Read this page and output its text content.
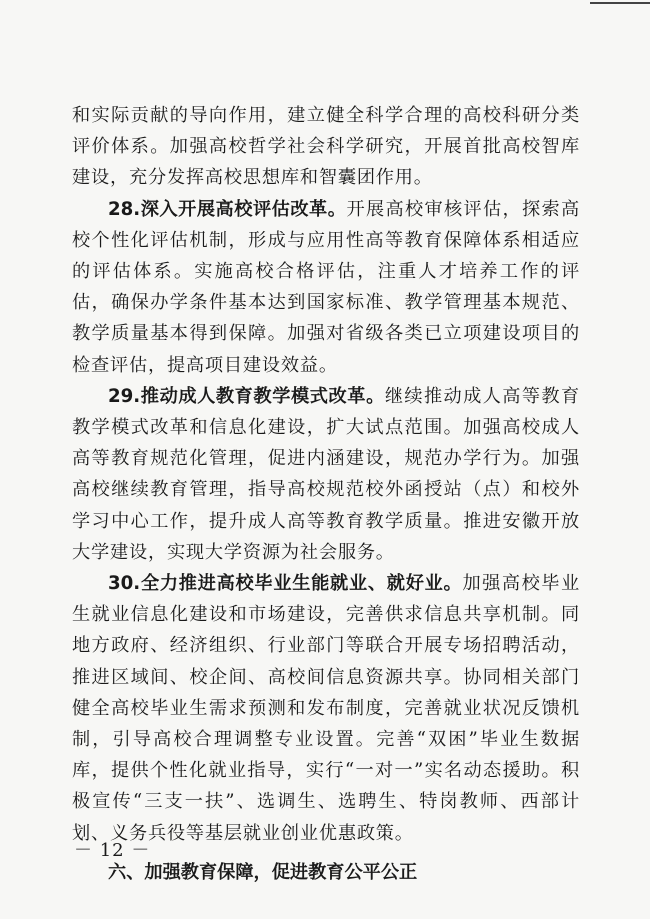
和实际贡献的导向作用，建立健全科学合理的高校科研分类评价体系。加强高校哲学社会科学研究，开展首批高校智库建设，充分发挥高校思想库和智囊团作用。

28.深入开展高校评估改革。开展高校审核评估，探索高校个性化评估机制，形成与应用性高等教育保障体系相适应的评估体系。实施高校合格评估，注重人才培养工作的评估，确保办学条件基本达到国家标准、教学管理基本规范、教学质量基本得到保障。加强对省级各类已立项建设项目的检查评估，提高项目建设效益。

29.推动成人教育教学模式改革。继续推动成人高等教育教学模式改革和信息化建设，扩大试点范围。加强高校成人高等教育规范化管理，促进内涵建设，规范办学行为。加强高校继续教育管理，指导高校规范校外函授站（点）和校外学习中心工作，提升成人高等教育教学质量。推进安徽开放大学建设，实现大学资源为社会服务。

30.全力推进高校毕业生能就业、就好业。加强高校毕业生就业信息化建设和市场建设，完善供求信息共享机制。同地方政府、经济组织、行业部门等联合开展专场招聘活动，推进区域间、校企间、高校间信息资源共享。协同相关部门健全高校毕业生需求预测和发布制度，完善就业状况反馈机制，引导高校合理调整专业设置。完善“双困”毕业生数据库，提供个性化就业指导，实行“一对一”实名动态援助。积极宣传“三支一扶”、选调生、选聘生、特岗教师、西部计划、义务兵役等基层就业创业优惠政策。

六、加强教育保障，促进教育公平公正

－ 12 －
